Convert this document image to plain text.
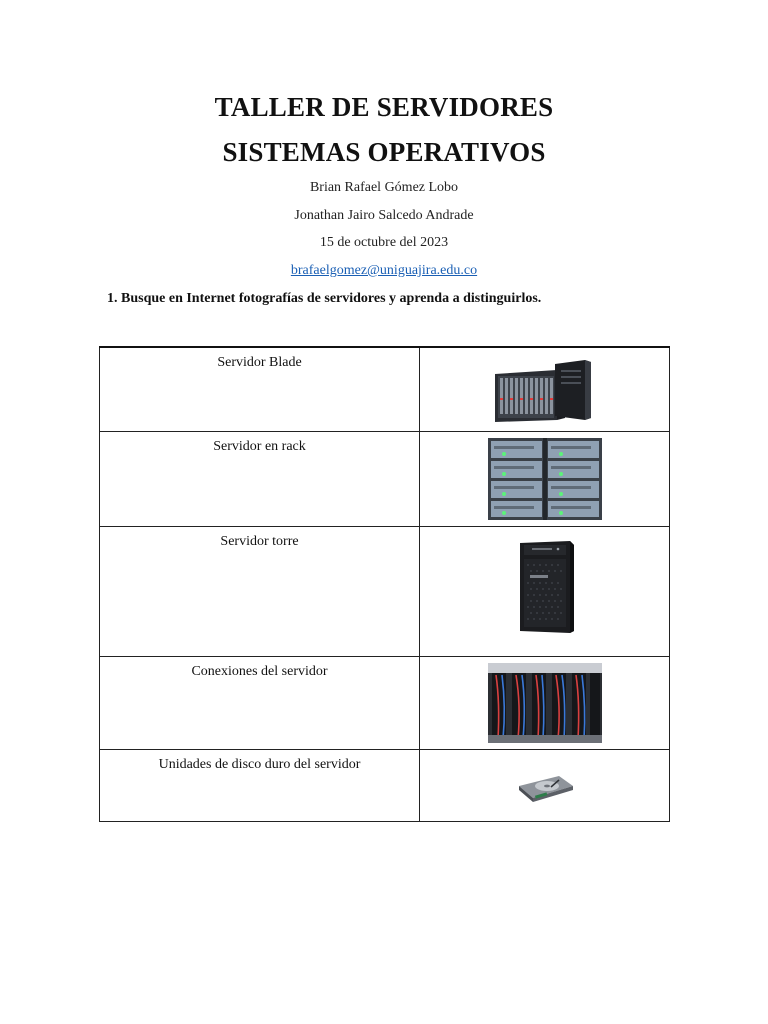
TALLER DE SERVIDORES
SISTEMAS OPERATIVOS
Brian Rafael Gómez Lobo
Jonathan Jairo Salcedo Andrade
15 de octubre del 2023
brafaelgomez@uniguajira.edu.co
1. Busque en Internet fotografías de servidores y aprenda a distinguirlos.
Servidor Blade	

Servidor en rack	

Servidor torre	

Conexiones del servidor	

Unidades de disco duro del servidor	
